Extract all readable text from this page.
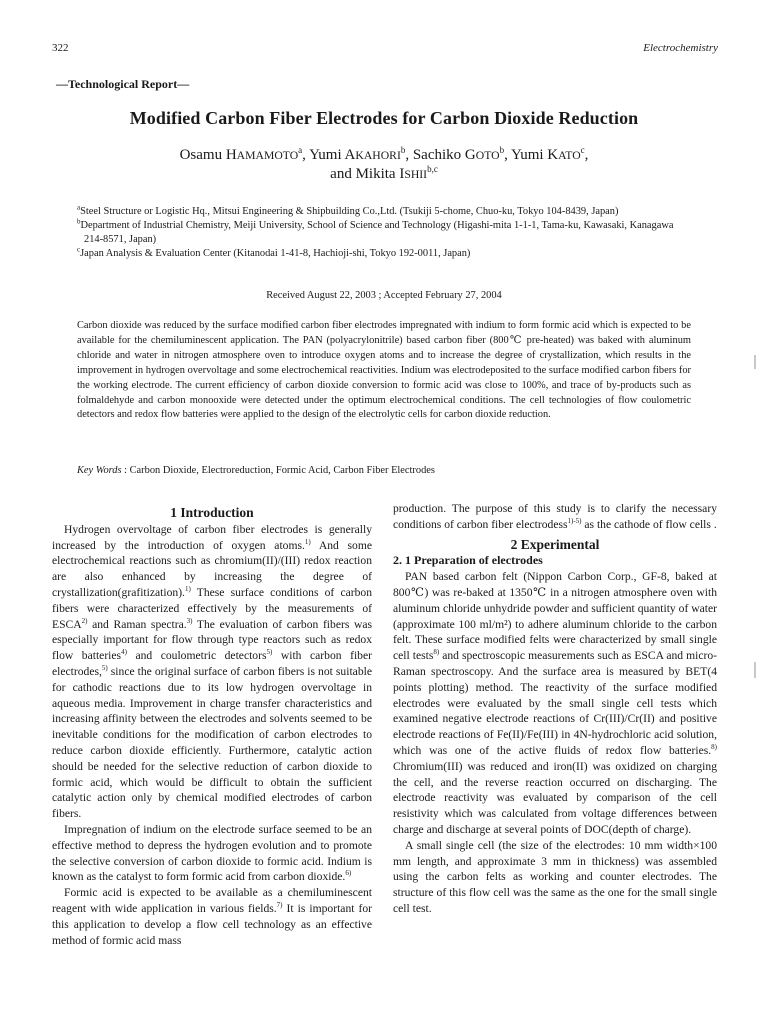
322	Electrochemistry
—Technological Report—
Modified Carbon Fiber Electrodes for Carbon Dioxide Reduction
Osamu HAMAMOTO$^a$, Yumi AKAHORI$^b$, Sachiko GOTO$^b$, Yumi KATO$^c$,
and Mikita ISHII$^{b,c}$
$^a$Steel Structure or Logistic Hq., Mitsui Engineering & Shipbuilding Co.,Ltd. (Tsukiji 5-chome, Chuo-ku, Tokyo 104-8439, Japan)
$^b$Department of Industrial Chemistry, Meiji University, School of Science and Technology (Higashi-mita 1-1-1, Tama-ku, Kawasaki, Kanagawa 214-8571, Japan)
$^c$Japan Analysis & Evaluation Center (Kitanodai 1-41-8, Hachioji-shi, Tokyo 192-0011, Japan)
Received August 22, 2003 ; Accepted February 27, 2004
Carbon dioxide was reduced by the surface modified carbon fiber electrodes impregnated with indium to form formic acid which is expected to be available for the chemiluminescent application. The PAN (polyacrylonitrile) based carbon fiber (800℃ pre-heated) was baked with aluminum chloride and water in nitrogen atmosphere oven to introduce oxygen atoms and to increase the degree of crystallization, which results in the improvement in hydrogen overvoltage and some electrochemical reactivities. Indium was electrodeposited to the surface modified carbon fibers for the working electrode. The current efficiency of carbon dioxide conversion to formic acid was close to 100%, and trace of by-products such as folmaldehyde and carbon monooxide were detected under the optimum electrochemical conditions. The cell technologies of flow coulometric detectors and redox flow batteries were applied to the design of the electrolytic cells for carbon dioxide reduction.
Key Words : Carbon Dioxide, Electroreduction, Formic Acid, Carbon Fiber Electrodes
1 Introduction

Hydrogen overvoltage of carbon fiber electrodes is generally increased by the introduction of oxygen atoms.$^{1)}$ And some electrochemical reactions such as chromium(II)/(III) redox reaction are also enhanced by increasing the degree of crystallization(grafitization).$^{1)}$ These surface conditions of carbon fibers were characterized effectively by the measurements of ESCA$^{2)}$ and Raman spectra.$^{3)}$ The evaluation of carbon fibers was especially important for flow through type reactors such as redox flow batteries$^{4)}$ and coulometric detectors$^{5)}$ with carbon fiber electrodes,$^{5)}$ since the original surface of carbon fibers is not suitable for cathodic reactions due to its low hydrogen overvoltage in aqueous media. Improvement in charge transfer characteristics and increasing affinity between the electrodes and solvents seemed to be inevitable conditions for the modification of carbon electrodes to reduce carbon dioxide efficiently. Furthermore, catalytic action should be needed for the selective reduction of carbon dioxide to formic acid, which would be difficult to obtain the sufficient catalytic action only by chemical modified electrodes of carbon fibers.

Impregnation of indium on the electrode surface seemed to be an effective method to depress the hydrogen evolution and to promote the selective conversion of carbon dioxide to formic acid. Indium is known as the catalyst to form formic acid from carbon dioxide.$^{6)}$

Formic acid is expected to be available as a chemiluminescent reagent with wide application in various fields.$^{7)}$ It is important for this application to develop a flow cell technology as an effective method of formic acid mass

production. The purpose of this study is to clarify the necessary conditions of carbon fiber electrodess$^{1)-5)}$ as the cathode of flow cells .

2 Experimental
2. 1 Preparation of electrodes

PAN based carbon felt (Nippon Carbon Corp., GF-8, baked at 800℃) was re-baked at 1350℃ in a nitrogen atmosphere oven with aluminum chloride unhydride powder and sufficient quantity of water (approximate 100 ml/m²) to adhere aluminum chloride to the carbon felt. These surface modified felts were characterized by small single cell tests$^{8)}$ and spectroscopic measurements such as ESCA and micro-Raman spectroscopy. And the surface area is measured by BET(4 points plotting) method. The reactivity of the surface modified electrodes were evaluated by the small single cell tests which examined negative electrode reactions of Cr(III)/Cr(II) and positive electrode reactions of Fe(II)/Fe(III) in 4N-hydrochloric acid solution, which was one of the active fluids of redox flow batteries.$^{8)}$ Chromium(III) was reduced and iron(II) was oxidized on charging the cell, and the reverse reaction occurred on discharging. The electrode reactivity was evaluated by comparison of the cell resistivity which was calculated from voltage differences between charge and discharge at several points of DOC(depth of charge).

A small single cell (the size of the electrodes: 10 mm width×100 mm length, and approximate 3 mm in thickness) was assembled using the carbon felts as working and counter electrodes. The structure of this flow cell was the same as the one for the small single cell test.
